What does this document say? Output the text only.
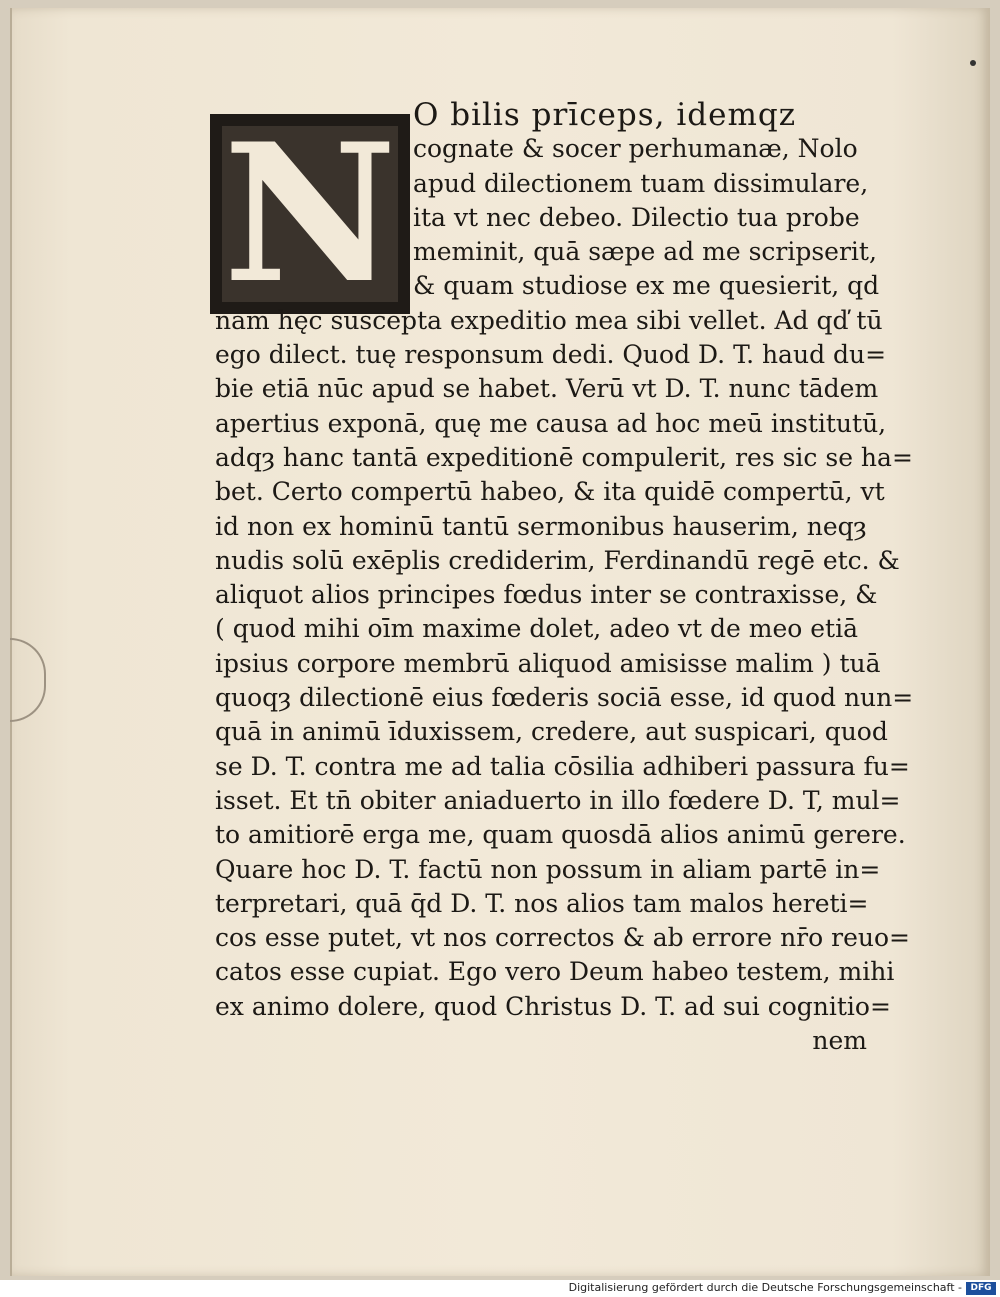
N O bilis prīceps, idemqz
cognate & socer perhumanæ, Nolo
apud dilectionem tuam dissimulare,
ita vt nec debeo. Dilectio tua probe
meminit, quā sæpe ad me scripserit,
& quam studiose ex me quesierit, qd
nam hęc suscepta expeditio mea sibi vellet. Ad qď tū
ego dilect. tuę responsum dedi. Quod D. T. haud du=
bie etiā nūc apud se habet. Verū vt D. T. nunc tādem
apertius exponā, quę me causa ad hoc meū institutū,
adqȝ hanc tantā expeditionē compulerit, res sic se ha=
bet. Certo compertū habeo, & ita quidē compertū, vt
id non ex hominū tantū sermonibus hauserim, neqȝ
nudis solū exēplis crediderim, Ferdinandū regē etc. &
aliquot alios principes fœdus inter se contraxisse, &
( quod mihi oīm maxime dolet, adeo vt de meo etiā
ipsius corpore membrū aliquod amisisse malim ) tuā
quoqȝ dilectionē eius fœderis sociā esse, id quod nun=
quā in animū īduxissem, credere, aut suspicari, quod
se D. T. contra me ad talia cōsilia adhiberi passura fu=
isset. Et tn̄ obiter aniaduerto in illo fœdere D. T, mul=
to amitiorē erga me, quam quosdā alios animū gerere.
Quare hoc D. T. factū non possum in aliam partē in=
terpretari, quā q̄d D. T. nos alios tam malos hereti=
cos esse putet, vt nos correctos & ab errore nr̄o reuo=
catos esse cupiat. Ego vero Deum habeo testem, mihi
ex animo dolere, quod Christus D. T. ad sui cognitio=
nem
Digitalisierung gefördert durch die Deutsche Forschungsgemeinschaft - DFG
